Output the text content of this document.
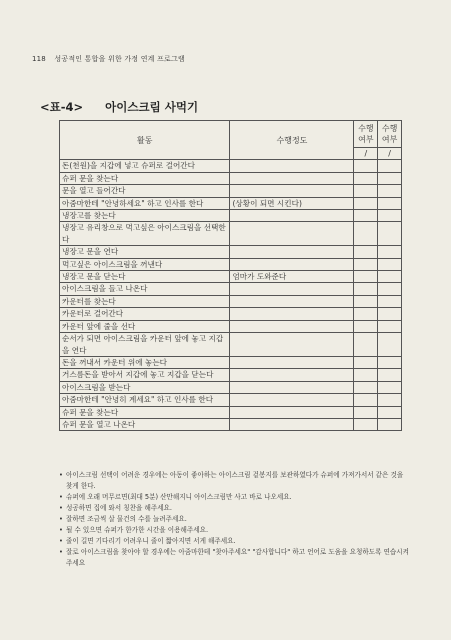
118 성공적인 통합을 위한 가정 연계 프로그램
<표-4> 아이스크림 사먹기
활동	수행정도	수행 여부	수행 여부
		/	/
돈(천원)을 지갑에 넣고 슈퍼로 걸어간다			
슈퍼 문을 찾는다			
문을 열고 들어간다			
아줌마한테 "안녕하세요" 하고 인사를 한다	(상황이 되면 시킨다)		
냉장고를 찾는다			
냉장고 유리창으로 먹고싶은 아이스크림을 선택한다			
냉장고 문을 연다			
먹고싶은 아이스크림을 꺼낸다			
냉장고 문을 닫는다	엄마가 도와준다		
아이스크림을 들고 나온다			
카운터를 찾는다			
카운터로 걸어간다			
카운터 앞에 줄을 선다			
순서가 되면 아이스크림을 카운터 앞에 놓고 지갑을 연다			
돈을 꺼내서 카운터 위에 놓는다			
거스름돈을 받아서 지갑에 놓고 지갑을 닫는다			
아이스크림을 받는다			
아줌마한테 "안녕히 계세요" 하고 인사를 한다			
슈퍼 문을 찾는다			
슈퍼 문을 열고 나온다			
• 아이스크림 선택이 어려운 경우에는 아동이 좋아하는 아이스크림 겉봉지를 보관하였다가 슈퍼에 가져가서서 같은 것을 찾게 한다.
• 슈퍼에 오래 머무르면(최대 5분) 산만해지니 아이스크림만 사고 바로 나오세요.
• 성공하면 집에 와서 칭찬을 해주세요.
• 잘하면 조금씩 살 물건의 수를 늘려주세요.
• 될 수 있으면 슈퍼가 한가한 시간을 이용해주세요.
• 줄이 길면 기다리기 어려우니 줄이 짧아지면 서게 해주세요.
• 잘로 아이스크림을 찾아야 할 경우에는 아줌마한테 "찾아주세요" "감사합니다" 하고 언어로 도움을 요청하도록 연습시켜주세요
